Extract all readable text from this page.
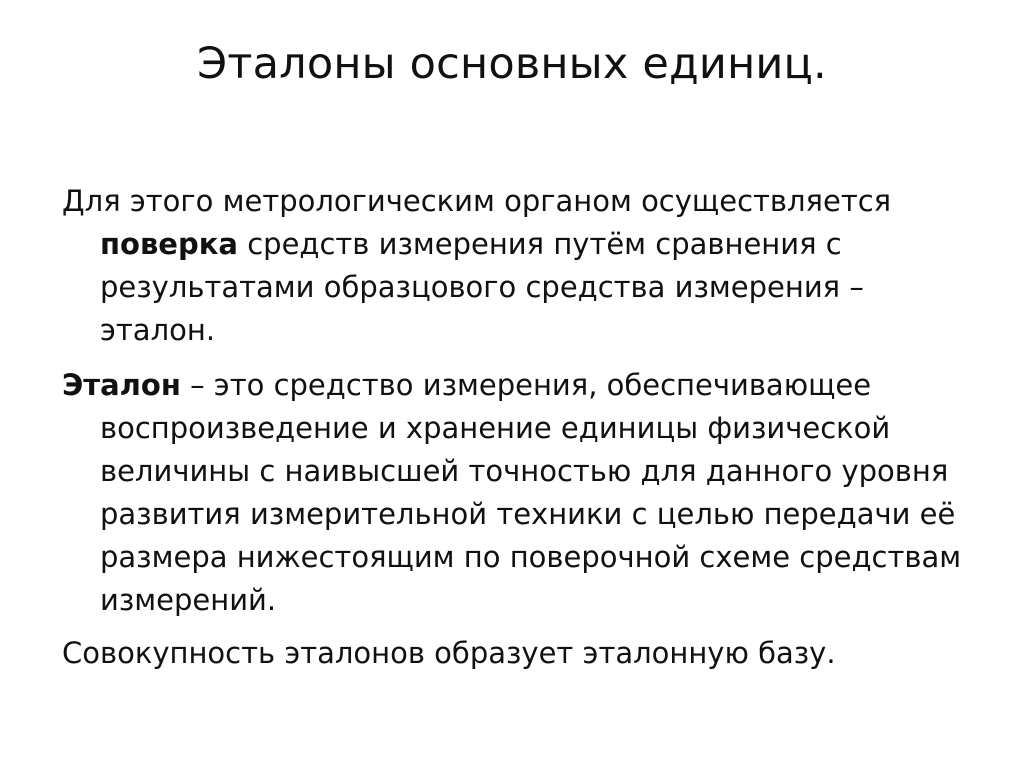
Эталоны основных единиц.

Для этого метрологическим органом осуществляется поверка средств измерения путём сравнения с результатами образцового средства измерения – эталон.

Эталон – это средство измерения, обеспечивающее воспроизведение и хранение единицы физической величины с наивысшей точностью для данного уровня развития измерительной техники с целью передачи её размера нижестоящим по поверочной схеме средствам измерений.

Совокупность эталонов образует эталонную базу.
